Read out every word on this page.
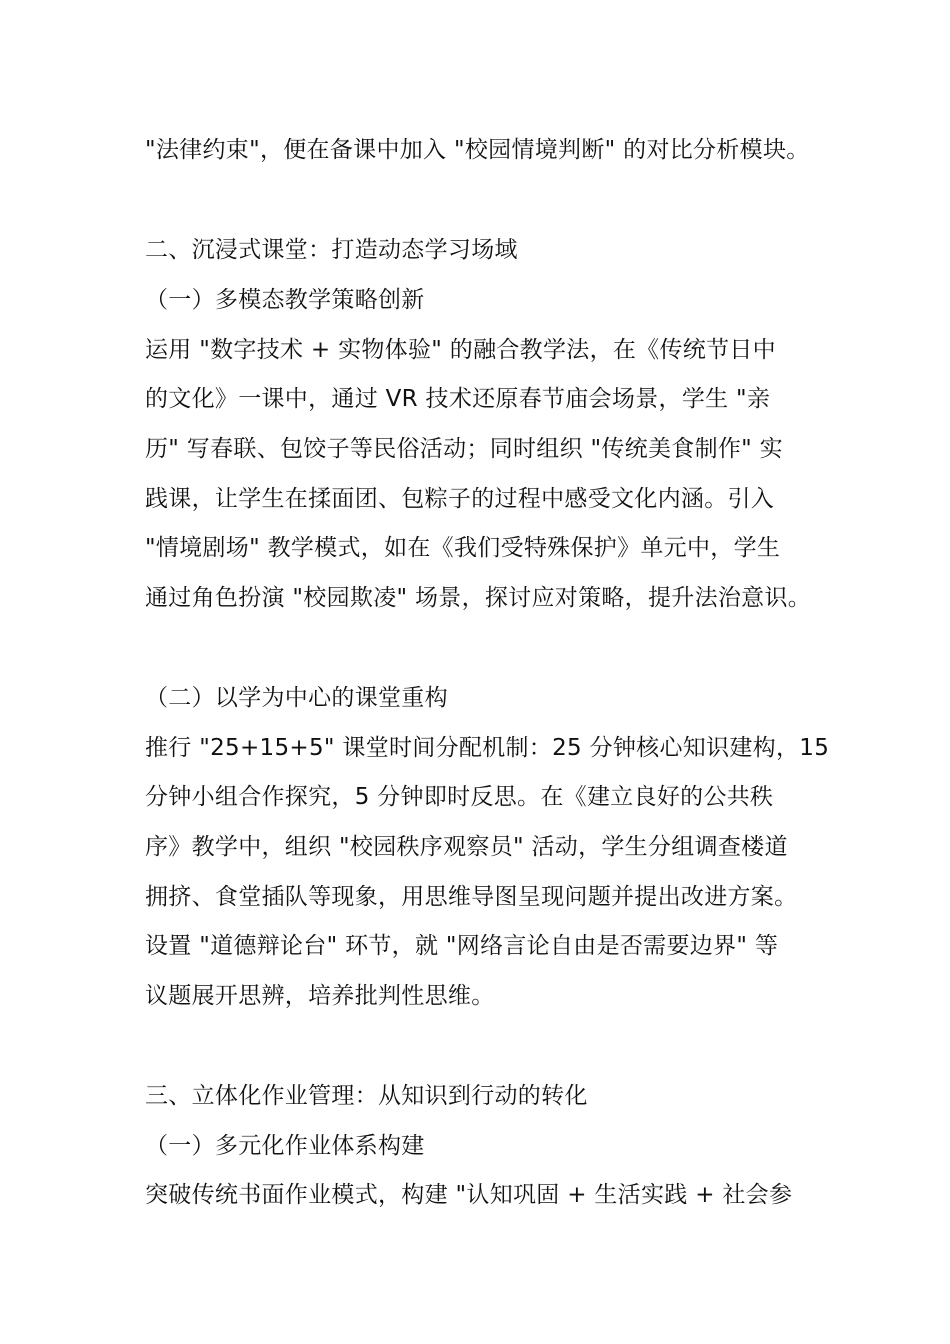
"法律约束"，便在备课中加入 "校园情境判断" 的对比分析模块。
二、沉浸式课堂：打造动态学习场域
（一）多模态教学策略创新
运用 "数字技术 + 实物体验" 的融合教学法，在《传统节日中
的文化》一课中，通过 VR 技术还原春节庙会场景，学生 "亲
历" 写春联、包饺子等民俗活动；同时组织 "传统美食制作" 实
践课，让学生在揉面团、包粽子的过程中感受文化内涵。引入
"情境剧场" 教学模式，如在《我们受特殊保护》单元中，学生
通过角色扮演 "校园欺凌" 场景，探讨应对策略，提升法治意识。
（二）以学为中心的课堂重构
推行 "25+15+5" 课堂时间分配机制：25 分钟核心知识建构，15
分钟小组合作探究，5 分钟即时反思。在《建立良好的公共秩
序》教学中，组织 "校园秩序观察员" 活动，学生分组调查楼道
拥挤、食堂插队等现象，用思维导图呈现问题并提出改进方案。
设置 "道德辩论台" 环节，就 "网络言论自由是否需要边界" 等
议题展开思辨，培养批判性思维。
三、立体化作业管理：从知识到行动的转化
（一）多元化作业体系构建
突破传统书面作业模式，构建 "认知巩固 + 生活实践 + 社会参
